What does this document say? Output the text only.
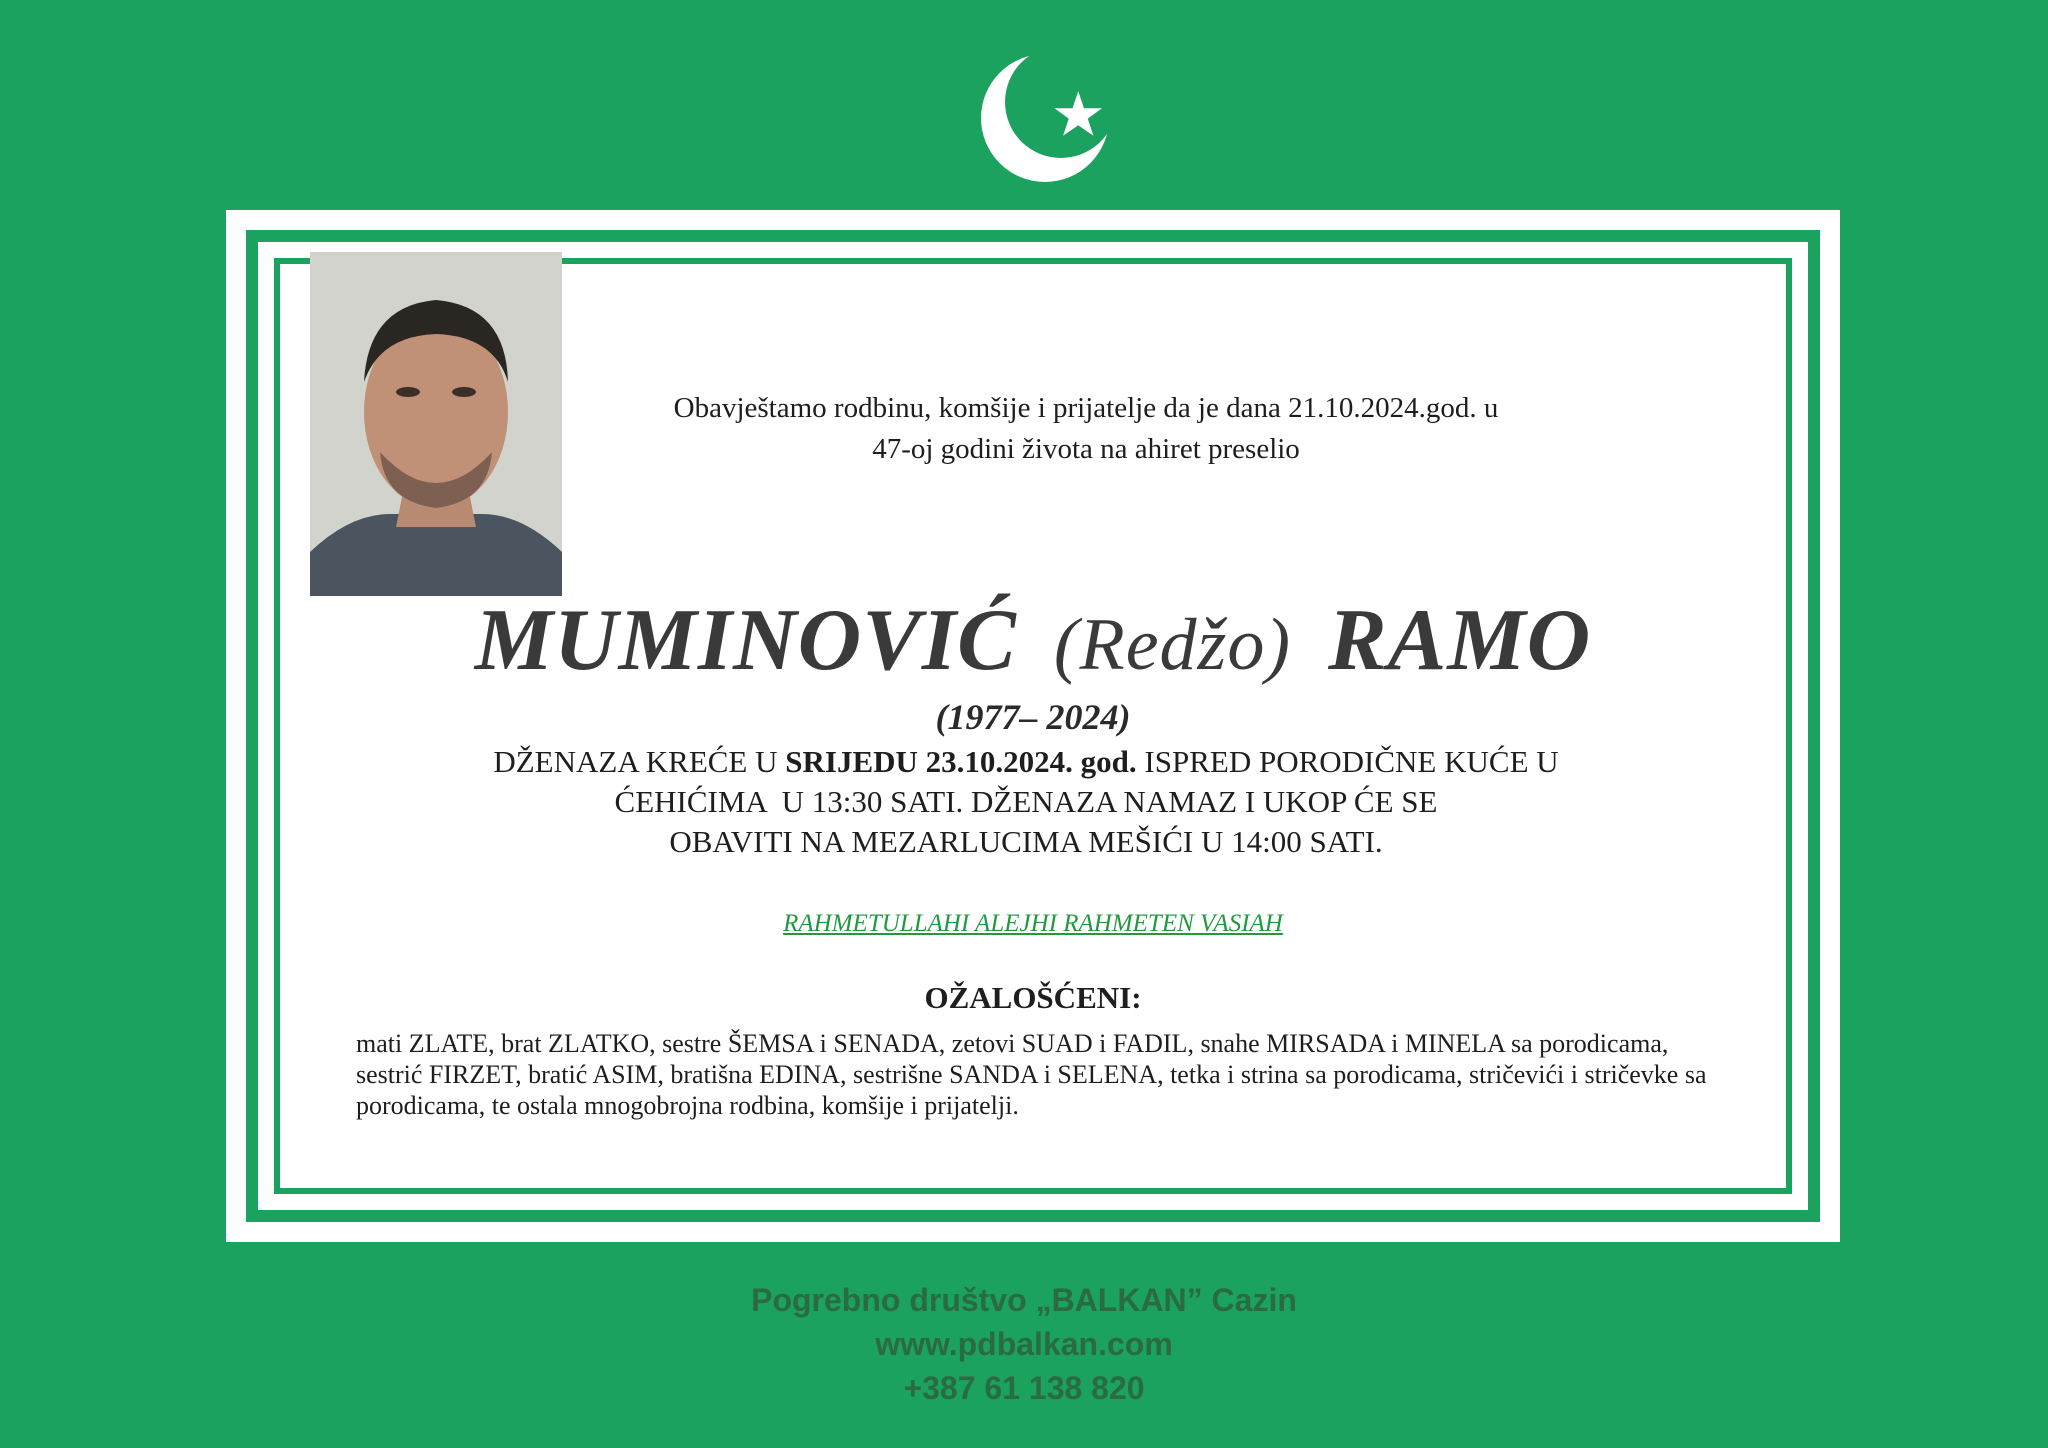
Obavještamo rodbinu, komšije i prijatelje da je dana 21.10.2024.god. u
47-oj godini života na ahiret preselio
MUMINOVIĆ (Redžo) RAMO
(1977– 2024)
DŽENAZA KREĆE U SRIJEDU 23.10.2024. god. ISPRED PORODIČNE KUĆE U
ĆEHIĆIMA  U 13:30 SATI. DŽENAZA NAMAZ I UKOP ĆE SE
OBAVITI NA MEZARLUCIMA MEŠIĆI U 14:00 SATI.
RAHMETULLAHI ALEJHI RAHMETEN VASIAH
OŽALOŠĆENI:
mati ZLATE, brat ZLATKO, sestre ŠEMSA i SENADA, zetovi SUAD i FADIL, snahe MIRSADA i MINELA sa porodicama, sestrić FIRZET, bratić ASIM, bratišna EDINA, sestrišne SANDA i SELENA, tetka i strina sa porodicama, stričevići i stričevke sa porodicama, te ostala mnogobrojna rodbina, komšije i prijatelji.
Pogrebno društvo „BALKAN” Cazin
www.pdbalkan.com
+387 61 138 820
